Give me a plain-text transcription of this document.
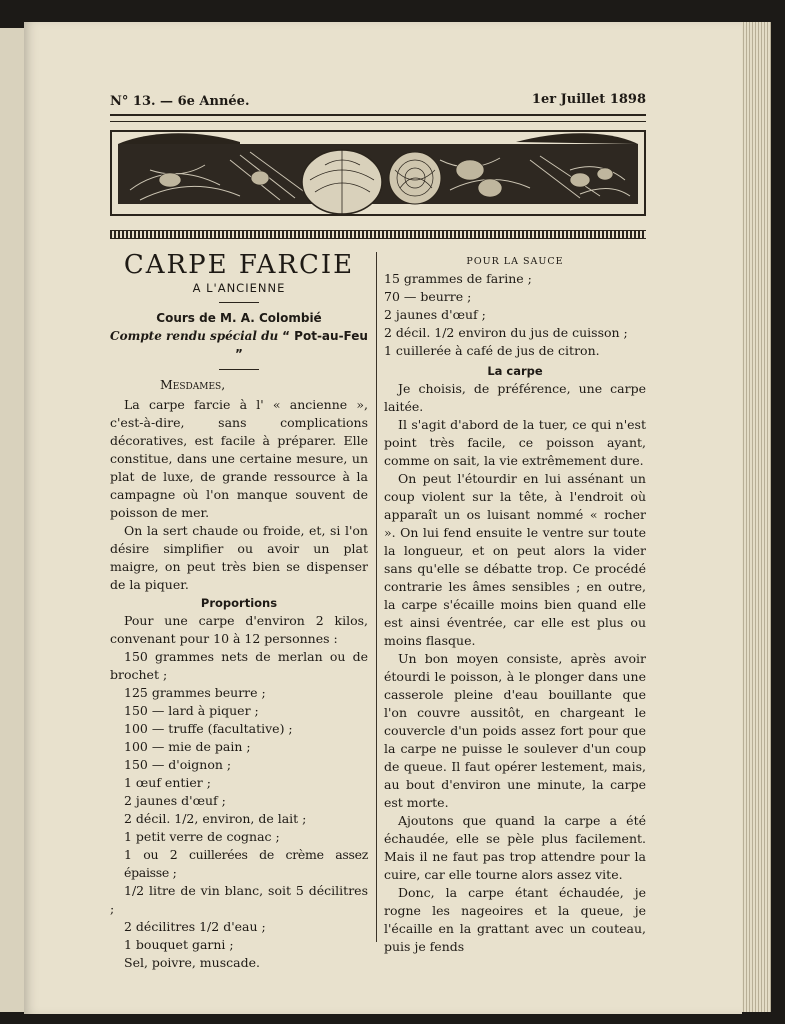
N° 13. — 6e Année.	1er Juillet 1898
CARPE FARCIE
A L'ANCIENNE
Cours de M. A. Colombié
Compte rendu spécial du “ Pot-au-Feu ”

Mesdames,

La carpe farcie à l' « ancienne », c'est-à-dire, sans complications décoratives, est facile à préparer. Elle constitue, dans une certaine mesure, un plat de luxe, de grande ressource à la campagne où l'on manque souvent de poisson de mer.

On la sert chaude ou froide, et, si l'on désire simplifier ou avoir un plat maigre, on peut très bien se dispenser de la piquer.

Proportions

Pour une carpe d'environ 2 kilos, convenant pour 10 à 12 personnes :

150 grammes nets de merlan ou de brochet ;

125 grammes beurre ;

150 — lard à piquer ;

100 — truffe (facultative) ;

100 — mie de pain ;

150 — d'oignon ;

1 œuf entier ;

2 jaunes d'œuf ;

2 décil. 1/2, environ, de lait ;

1 petit verre de cognac ;

1 ou 2 cuillerées de crème assez épaisse ;

1/2 litre de vin blanc, soit 5 décilitres ;

2 décilitres 1/2 d'eau ;

1 bouquet garni ;

Sel, poivre, muscade.

POUR LA SAUCE

15 grammes de farine ;

70 — beurre ;

2 jaunes d'œuf ;

2 décil. 1/2 environ du jus de cuisson ;

1 cuillerée à café de jus de citron.

La carpe

Je choisis, de préférence, une carpe laitée.

Il s'agit d'abord de la tuer, ce qui n'est point très facile, ce poisson ayant, comme on sait, la vie extrêmement dure.

On peut l'étourdir en lui assénant un coup violent sur la tête, à l'endroit où apparaît un os luisant nommé « rocher ». On lui fend ensuite le ventre sur toute la longueur, et on peut alors la vider sans qu'elle se débatte trop. Ce procédé contrarie les âmes sensibles ; en outre, la carpe s'écaille moins bien quand elle est ainsi éventrée, car elle est plus ou moins flasque.

Un bon moyen consiste, après avoir étourdi le poisson, à le plonger dans une casserole pleine d'eau bouillante que l'on couvre aussitôt, en chargeant le couvercle d'un poids assez fort pour que la carpe ne puisse le soulever d'un coup de queue. Il faut opérer lestement, mais, au bout d'environ une minute, la carpe est morte.

Ajoutons que quand la carpe a été échaudée, elle se pèle plus facilement. Mais il ne faut pas trop attendre pour la cuire, car elle tourne alors assez vite.

Donc, la carpe étant échaudée, je rogne les nageoires et la queue, je l'écaille en la grattant avec un couteau, puis je fends
